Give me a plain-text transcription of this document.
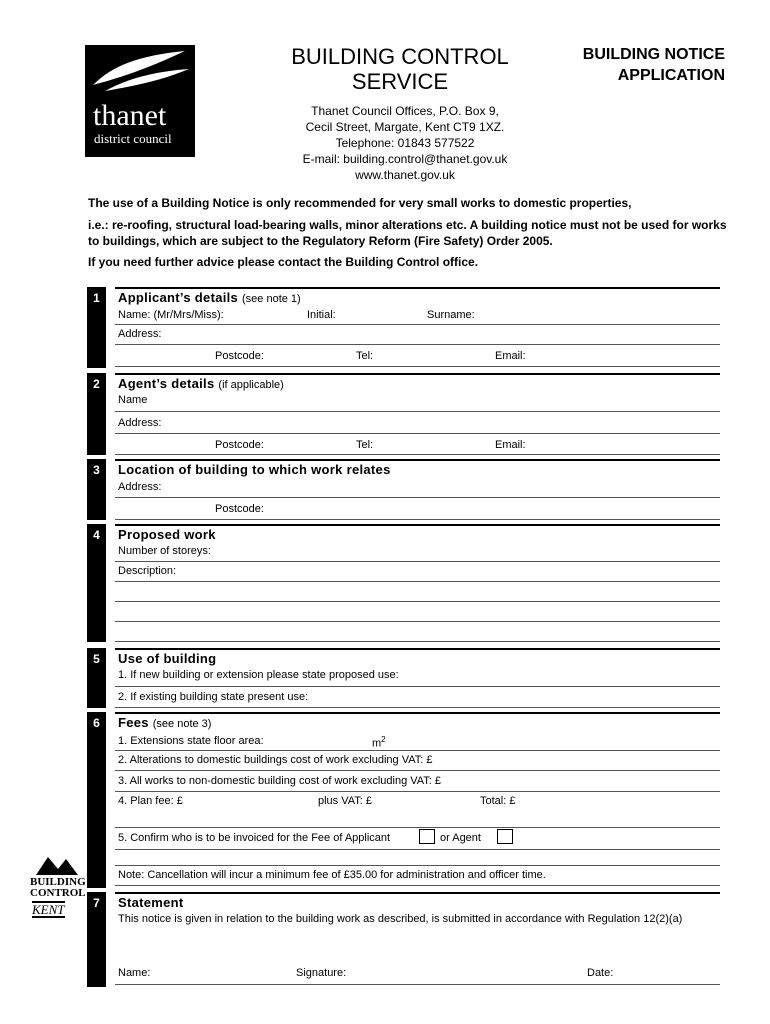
thanet
district council
BUILDING CONTROL
SERVICE
BUILDING NOTICE
APPLICATION
Thanet Council Offices, P.O. Box 9,
Cecil Street, Margate, Kent CT9 1XZ.
Telephone: 01843 577522
E-mail: building.control@thanet.gov.uk
www.thanet.gov.uk
The use of a Building Notice is only recommended for very small works to domestic properties,
i.e.: re-roofing, structural load-bearing walls, minor alterations etc. A building notice must not be used for works to buildings, which are subject to the Regulatory Reform (Fire Safety) Order 2005.
If you need further advice please contact the Building Control office.
1	Applicant’s details (see note 1)
Name: (Mr/Mrs/Miss):	Initial:	Surname:
Address:
Postcode:	Tel:	Email:
2	Agent’s details (if applicable)
Name
Address:
Postcode:	Tel:	Email:
3	Location of building to which work relates
Address:
Postcode:
4	Proposed work
Number of storeys:
Description:
5	Use of building
1. If new building or extension please state proposed use:
2. If existing building state present use:
6	Fees (see note 3)
1. Extensions state floor area:	$m^2$
2. Alterations to domestic buildings cost of work excluding VAT: £
3. All works to non-domestic building cost of work excluding VAT: £
4. Plan fee: £	plus VAT: £	Total: £
5. Confirm who is to be invoiced for the Fee of Applicant	or Agent
Note: Cancellation will incur a minimum fee of £35.00 for administration and officer time.
7	Statement
This notice is given in relation to the building work as described, is submitted in accordance with Regulation 12(2)(a)
Name:	Signature:	Date:
BUILDING
CONTROL
KENT
